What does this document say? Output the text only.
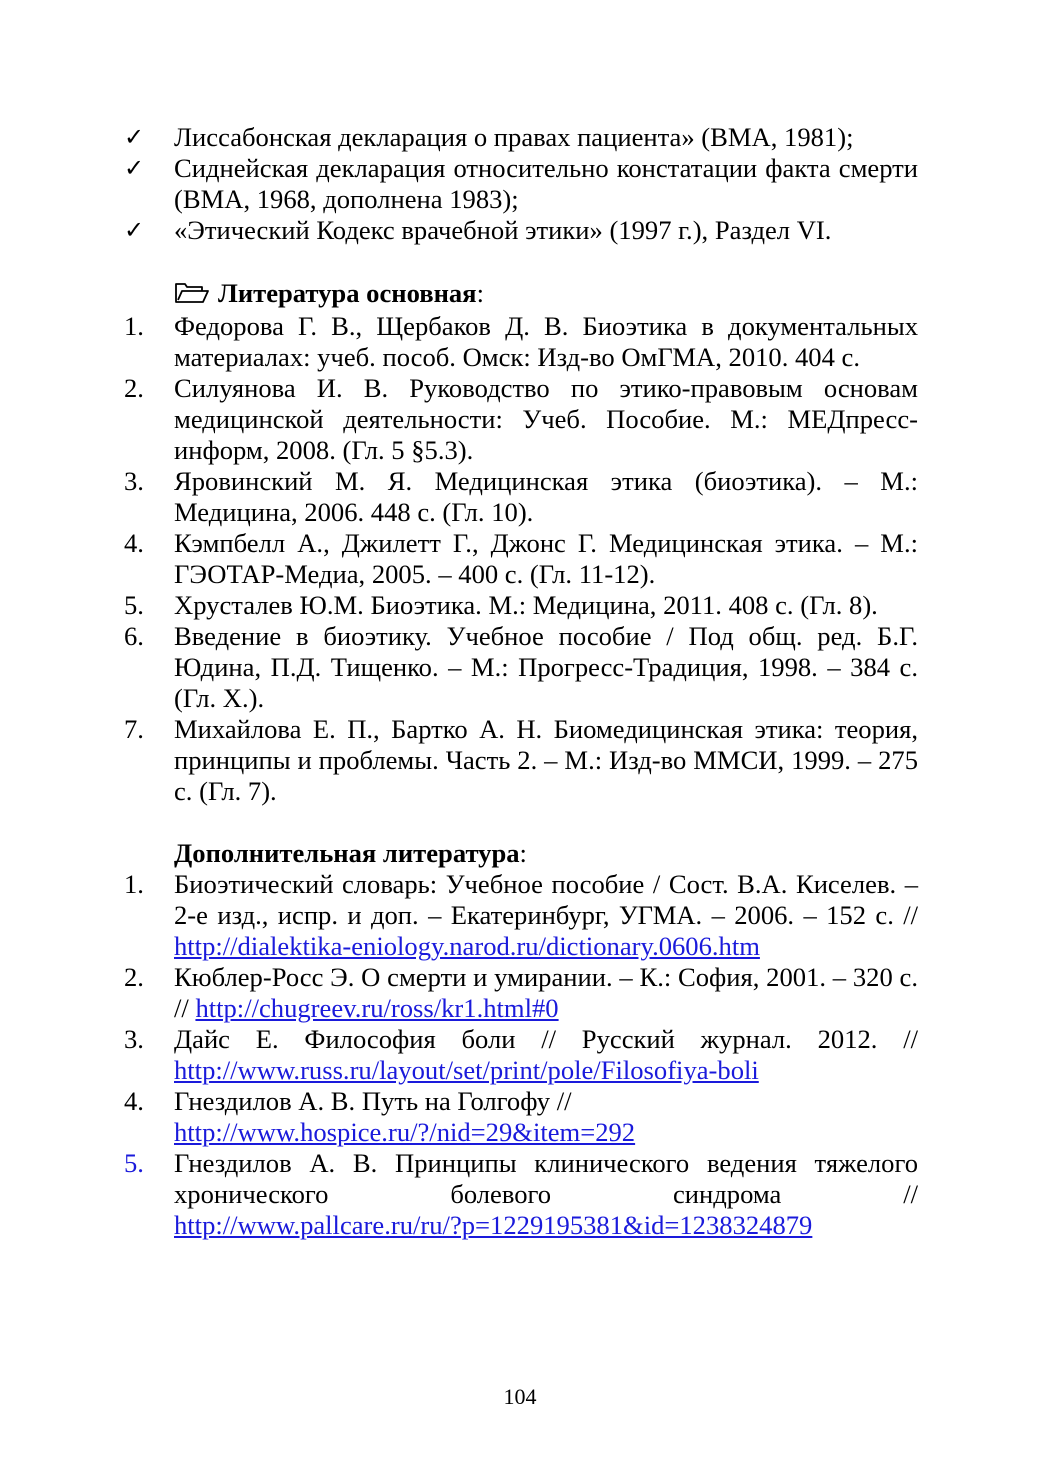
✓	Лиссабонская декларация о правах пациента» (ВМА, 1981);
✓	Сиднейская декларация относительно констатации факта смерти (ВМА, 1968, дополнена 1983);
✓	«Этический Кодекс врачебной этики» (1997 г.), Раздел VI.
Литература основная:
1.	Федорова Г. В., Щербаков Д. В. Биоэтика в документальных материалах: учеб. пособ. Омск: Изд-во ОмГМА, 2010. 404 с.
2.	Силуянова И. В. Руководство по этико-правовым основам медицинской деятельности: Учеб. Пособие. М.: МЕДпресс-информ, 2008. (Гл. 5 §5.3).
3.	Яровинский М. Я. Медицинская этика (биоэтика). – М.: Медицина, 2006. 448 с. (Гл. 10).
4.	Кэмпбелл А., Джилетт Г., Джонс Г. Медицинская этика. – М.: ГЭОТАР-Медиа, 2005. – 400 с. (Гл. 11-12).
5.	Хрусталев Ю.М. Биоэтика. М.: Медицина, 2011. 408 с. (Гл. 8).
6.	Введение в биоэтику. Учебное пособие / Под общ. ред. Б.Г. Юдина, П.Д. Тищенко. – М.: Прогресс-Традиция, 1998. – 384 с. (Гл. Х.).
7.	Михайлова Е. П., Бартко А. Н. Биомедицинская этика: теория, принципы и проблемы. Часть 2. – М.: Изд-во ММСИ, 1999. – 275 с. (Гл. 7).
Дополнительная литература:
1.	Биоэтический словарь: Учебное пособие / Сост. В.А. Киселев. – 2-е изд., испр. и доп. – Екатеринбург, УГМА. – 2006. – 152 с. // http://dialektika-eniology.narod.ru/dictionary.0606.htm
2.	Кюблер-Росс Э. О смерти и умирании. – К.: София, 2001. – 320 с. // http://chugreev.ru/ross/kr1.html#0
3.	Дайс Е. Философия боли // Русский журнал. 2012. //
http://www.russ.ru/layout/set/print/pole/Filosofiya-boli
4.	Гнездилов А. В. Путь на Голгофу //
http://www.hospice.ru/?/nid=29&item=292
5.	Гнездилов А. В. Принципы клинического ведения тяжелого
хронического	болевого	синдрома	//
http://www.pallcare.ru/ru/?p=1229195381&id=1238324879
104
